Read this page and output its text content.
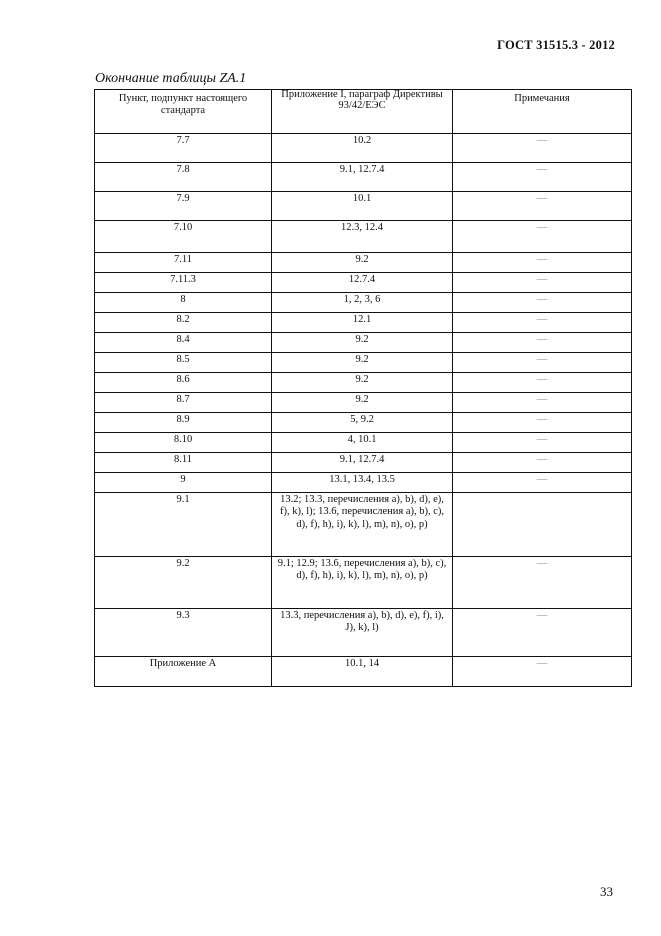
ГОСТ 31515.3 - 2012
Окончание таблицы ZA.1
Пункт, подпункт настоящего стандарта	Приложение I, параграф Директивы 93/42/ЕЭС	Примечания
7.7	10.2	—
7.8	9.1, 12.7.4	—
7.9	10.1	—
7.10	12.3, 12.4	—
7.11	9.2	—
7.11.3	12.7.4	—
8	1, 2, 3, 6	—
8.2	12.1	—
8.4	9.2	—
8.5	9.2	—
8.6	9.2	—
8.7	9.2	—
8.9	5, 9.2	—
8.10	4, 10.1	—
8.11	9.1, 12.7.4	—
9	13.1, 13.4, 13.5	—
9.1	13.2; 13.3, перечисления a), b), d), e), f), k), l); 13.6, перечисления a), b), c), d), f), h), i), k), l), m), n), o), p)	
9.2	9.1; 12.9; 13.6, перечисления a), b), c), d), f), h), i), k), l), m), n), o), p)	—
9.3	13.3, перечисления a), b), d), e), f), i), J), k), l)	—
Приложение А	10.1, 14	—
33
